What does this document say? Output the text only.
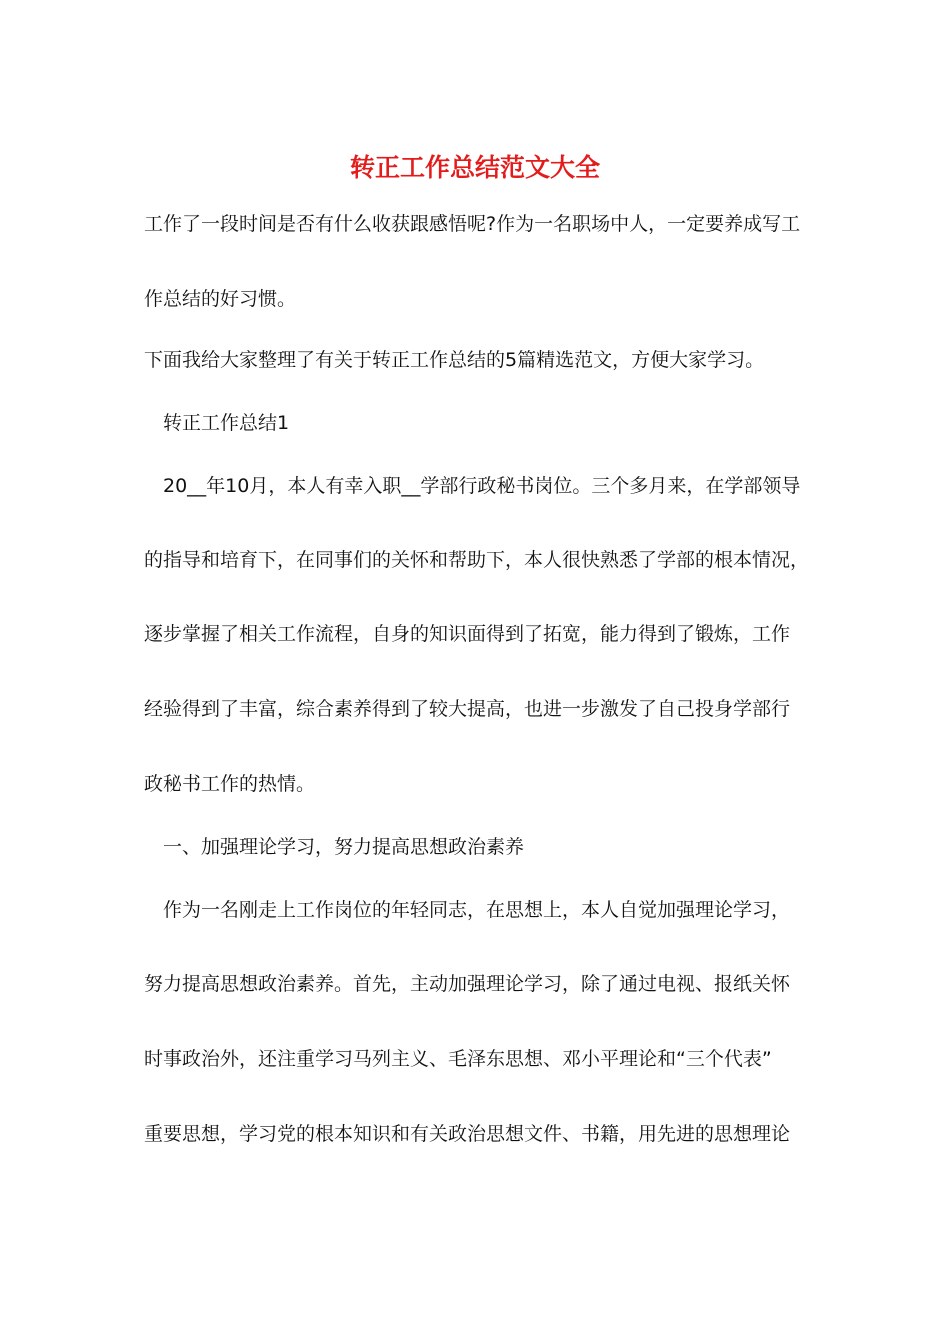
转正工作总结范文大全

工作了一段时间是否有什么收获跟感悟呢?作为一名职场中人，一定要养成写工

作总结的好习惯。

下面我给大家整理了有关于转正工作总结的5篇精选范文，方便大家学习。

转正工作总结1

20__年10月，本人有幸入职__学部行政秘书岗位。三个多月来，在学部领导

的指导和培育下，在同事们的关怀和帮助下，本人很快熟悉了学部的根本情况，

逐步掌握了相关工作流程，自身的知识面得到了拓宽，能力得到了锻炼，工作

经验得到了丰富，综合素养得到了较大提高，也进一步激发了自己投身学部行

政秘书工作的热情。

一、加强理论学习，努力提高思想政治素养

作为一名刚走上工作岗位的年轻同志，在思想上，本人自觉加强理论学习，

努力提高思想政治素养。首先，主动加强理论学习，除了通过电视、报纸关怀

时事政治外，还注重学习马列主义、毛泽东思想、邓小平理论和“三个代表”

重要思想，学习党的根本知识和有关政治思想文件、书籍，用先进的思想理论
